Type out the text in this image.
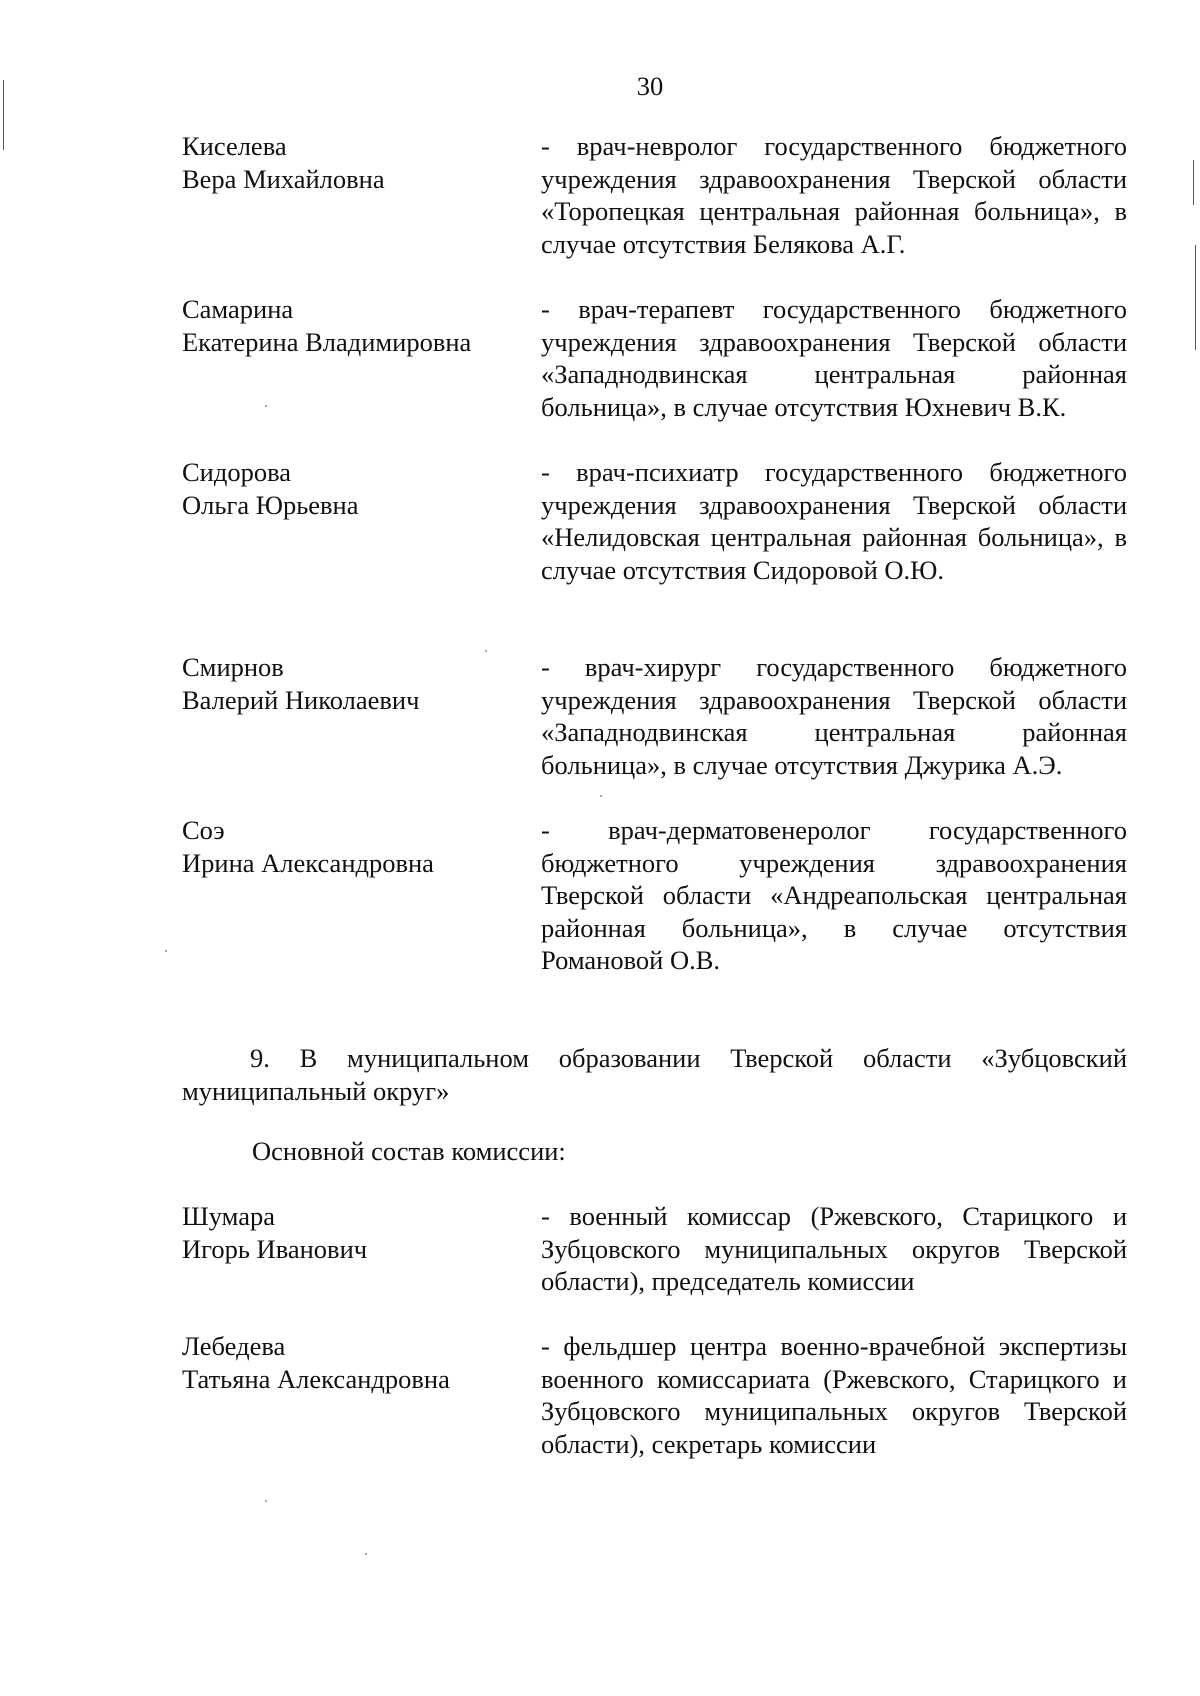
30
Киселева
Вера Михайловна
- врач-невролог государственного бюджетного учреждения здравоохранения Тверской области «Торопецкая центральная районная больница», в случае отсутствия Белякова А.Г.
Самарина
Екатерина Владимировна
- врач-терапевт государственного бюджетного учреждения здравоохранения Тверской области «Западнодвинская центральная районная больница», в случае отсутствия Юхневич В.К.
Сидорова
Ольга Юрьевна
- врач-психиатр государственного бюджетного учреждения здравоохранения Тверской области «Нелидовская центральная районная больница», в случае отсутствия Сидоровой О.Ю.
Смирнов
Валерий Николаевич
- врач-хирург государственного бюджетного учреждения здравоохранения Тверской области «Западнодвинская центральная районная больница», в случае отсутствия Джурика А.Э.
Соэ
Ирина Александровна
- врач-дерматовенеролог государственного бюджетного учреждения здравоохранения Тверской области «Андреапольская центральная районная больница», в случае отсутствия Романовой О.В.
9. В муниципальном образовании Тверской области «Зубцовский муниципальный округ»
Основной состав комиссии:
Шумара
Игорь Иванович
- военный комиссар (Ржевского, Старицкого и Зубцовского муниципальных округов Тверской области), председатель комиссии
Лебедева
Татьяна Александровна
- фельдшер центра военно-врачебной экспертизы военного комиссариата (Ржевского, Старицкого и Зубцовского муниципальных округов Тверской области), секретарь комиссии
